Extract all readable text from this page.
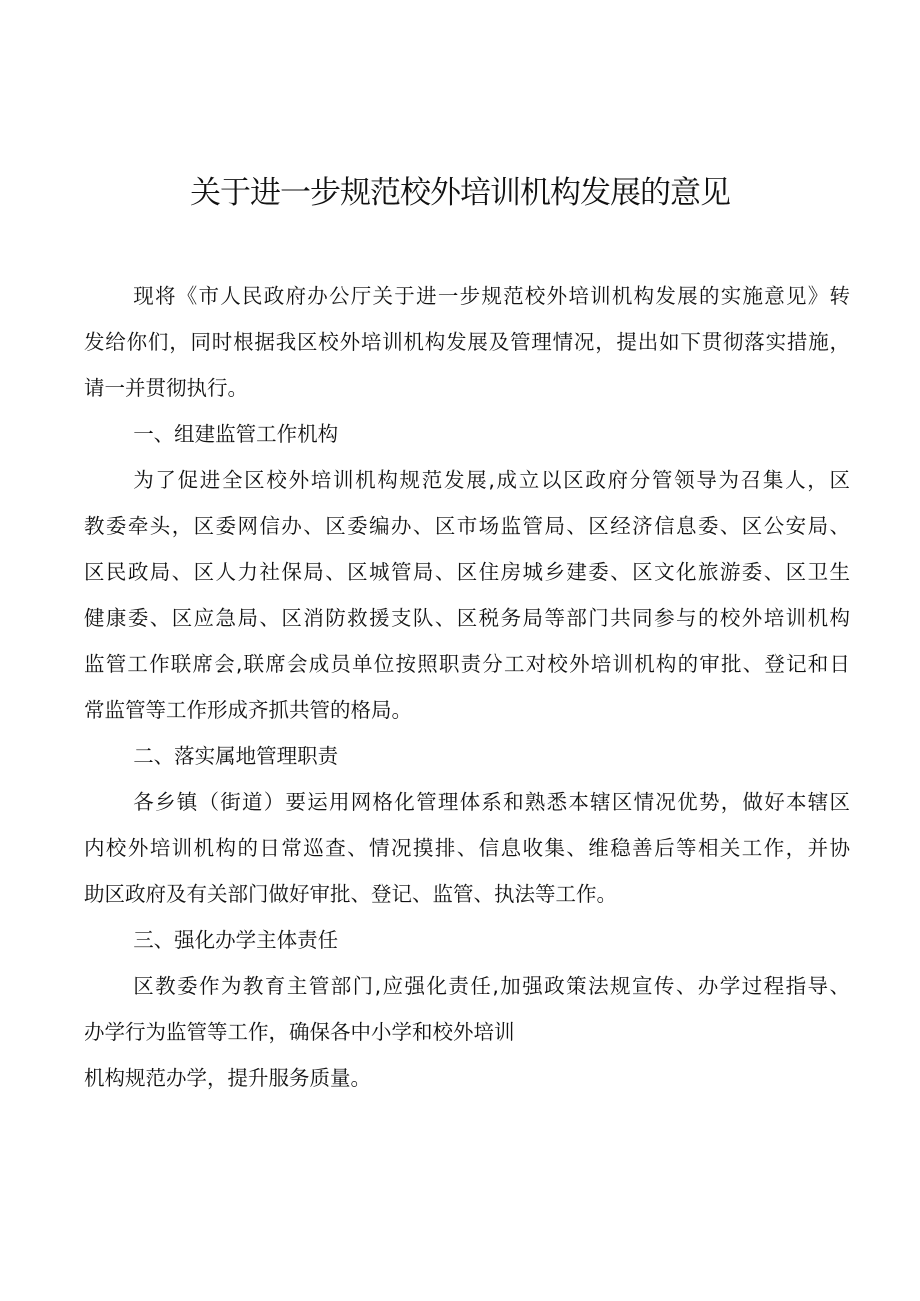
关于进一步规范校外培训机构发展的意见
现将《市人民政府办公厅关于进一步规范校外培训机构发展的实施意见》转
发给你们，同时根据我区校外培训机构发展及管理情况，提出如下贯彻落实措施，
请一并贯彻执行。
一、组建监管工作机构
为了促进全区校外培训机构规范发展,成立以区政府分管领导为召集人，区
教委牵头，区委网信办、区委编办、区市场监管局、区经济信息委、区公安局、
区民政局、区人力社保局、区城管局、区住房城乡建委、区文化旅游委、区卫生
健康委、区应急局、区消防救援支队、区税务局等部门共同参与的校外培训机构
监管工作联席会,联席会成员单位按照职责分工对校外培训机构的审批、登记和日
常监管等工作形成齐抓共管的格局。
二、落实属地管理职责
各乡镇（街道）要运用网格化管理体系和熟悉本辖区情况优势，做好本辖区
内校外培训机构的日常巡查、情况摸排、信息收集、维稳善后等相关工作，并协
助区政府及有关部门做好审批、登记、监管、执法等工作。
三、强化办学主体责任
区教委作为教育主管部门,应强化责任,加强政策法规宣传、办学过程指导、
办学行为监管等工作，确保各中小学和校外培训
机构规范办学，提升服务质量。
